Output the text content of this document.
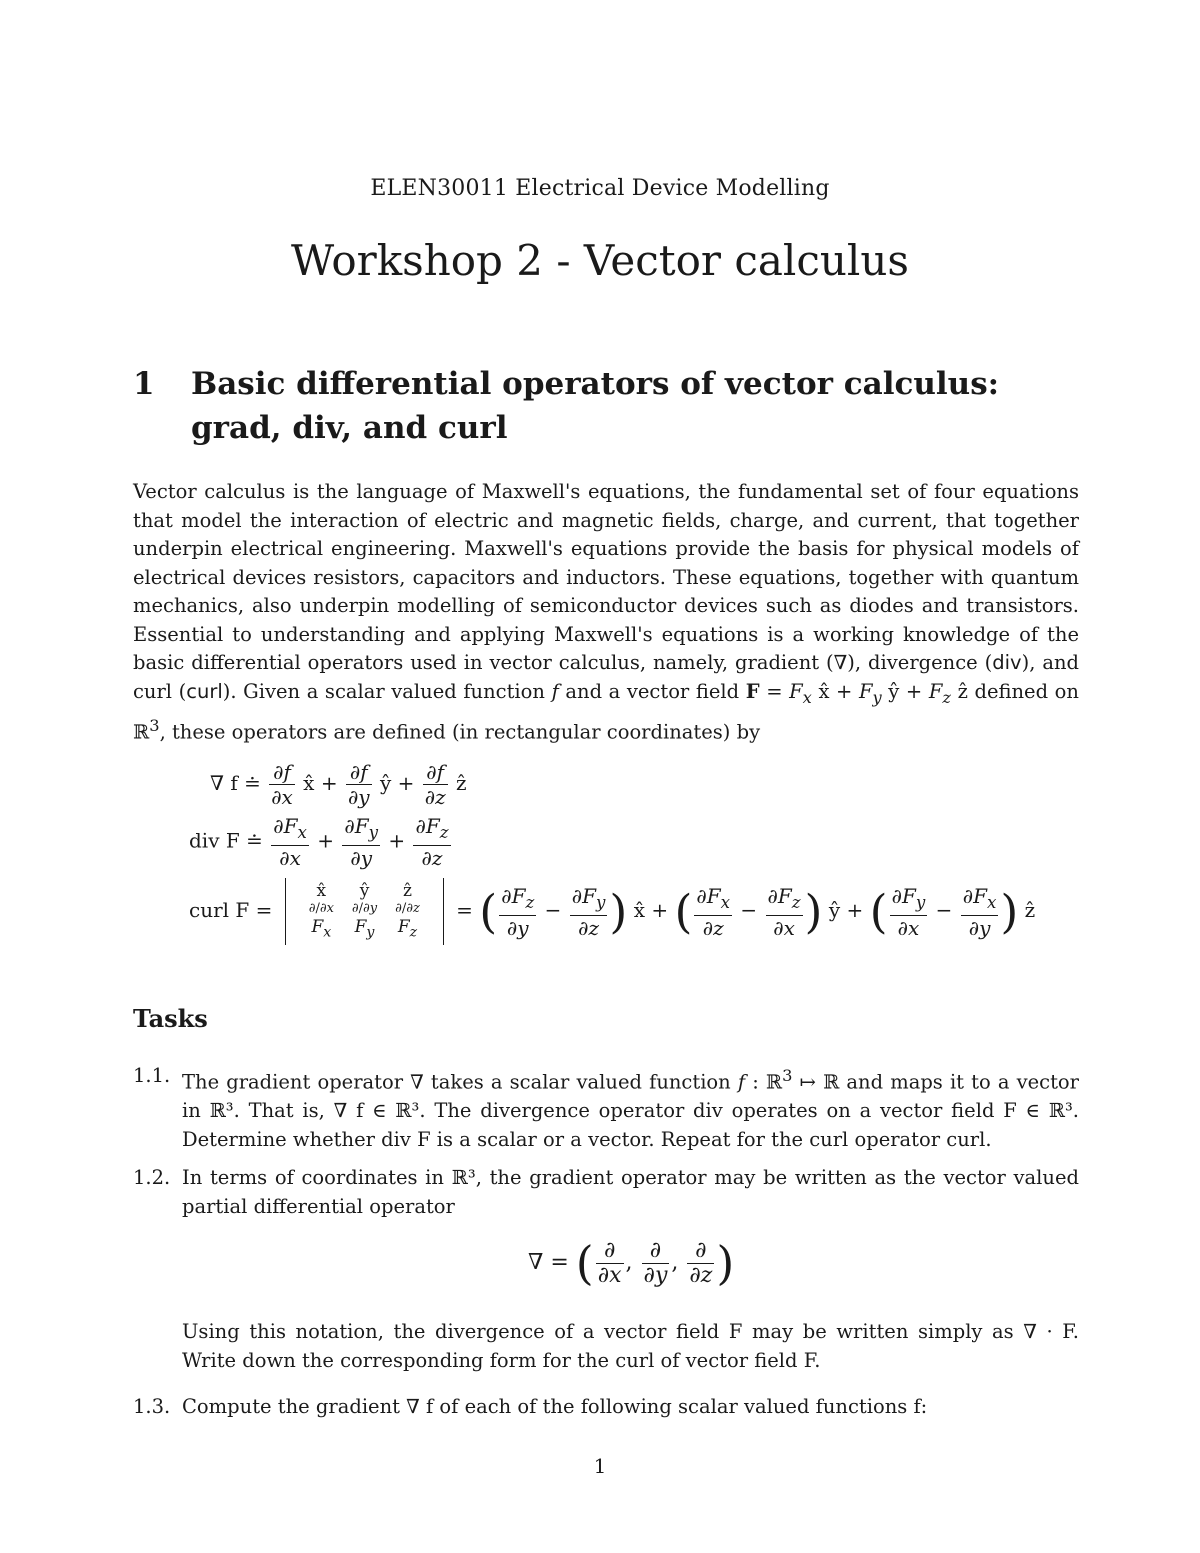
ELEN30011 Electrical Device Modelling
Workshop 2 - Vector calculus
1 Basic differential operators of vector calculus: grad, div, and curl
Vector calculus is the language of Maxwell's equations, the fundamental set of four equations that model the interaction of electric and magnetic fields, charge, and current, that together underpin electrical engineering. Maxwell's equations provide the basis for physical models of electrical devices resistors, capacitors and inductors. These equations, together with quantum mechanics, also underpin modelling of semiconductor devices such as diodes and transistors. Essential to understanding and applying Maxwell's equations is a working knowledge of the basic differential operators used in vector calculus, namely, gradient (∇), divergence (div), and curl (curl). Given a scalar valued function f and a vector field $F = F_x$ x̂ + $F_y$ ŷ + $F_z$ ẑ defined on ℝ$^3$, these operators are defined (in rectangular coordinates) by
∇ f ≐ $\frac{\partial f}{\partial x}$ x̂ + $\frac{\partial f}{\partial y}$ ŷ + $\frac{\partial f}{\partial z}$ ẑ
div F ≐ $\frac{\partial F_x}{\partial x} + \frac{\partial F_y}{\partial y} + \frac{\partial F_z}{\partial z}$
curl F =
x̂	ŷ	ẑ
∂/∂x	∂/∂y	∂/∂z
$F_x$	$F_y$	$F_z$
= ( $\frac{\partial F_z}{\partial y} - \frac{\partial F_y}{\partial z}$ ) x̂ + ( $\frac{\partial F_x}{\partial z} - \frac{\partial F_z}{\partial x}$ ) ŷ + ( $\frac{\partial F_y}{\partial x} - \frac{\partial F_x}{\partial y}$ ) ẑ
Tasks
1.1. The gradient operator ∇ takes a scalar valued function f : ℝ$^3$ ↦ ℝ and maps it to a vector in ℝ³. That is, ∇ f ∈ ℝ³. The divergence operator div operates on a vector field F ∈ ℝ³. Determine whether div F is a scalar or a vector. Repeat for the curl operator curl.
1.2. In terms of coordinates in ℝ³, the gradient operator may be written as the vector valued partial differential operator
∇ = ( $\frac{\partial}{\partial x}$ , $\frac{\partial}{\partial y}$ , $\frac{\partial}{\partial z}$ )
Using this notation, the divergence of a vector field F may be written simply as ∇ · F. Write down the corresponding form for the curl of vector field F.
1.3. Compute the gradient ∇ f of each of the following scalar valued functions f:
1
